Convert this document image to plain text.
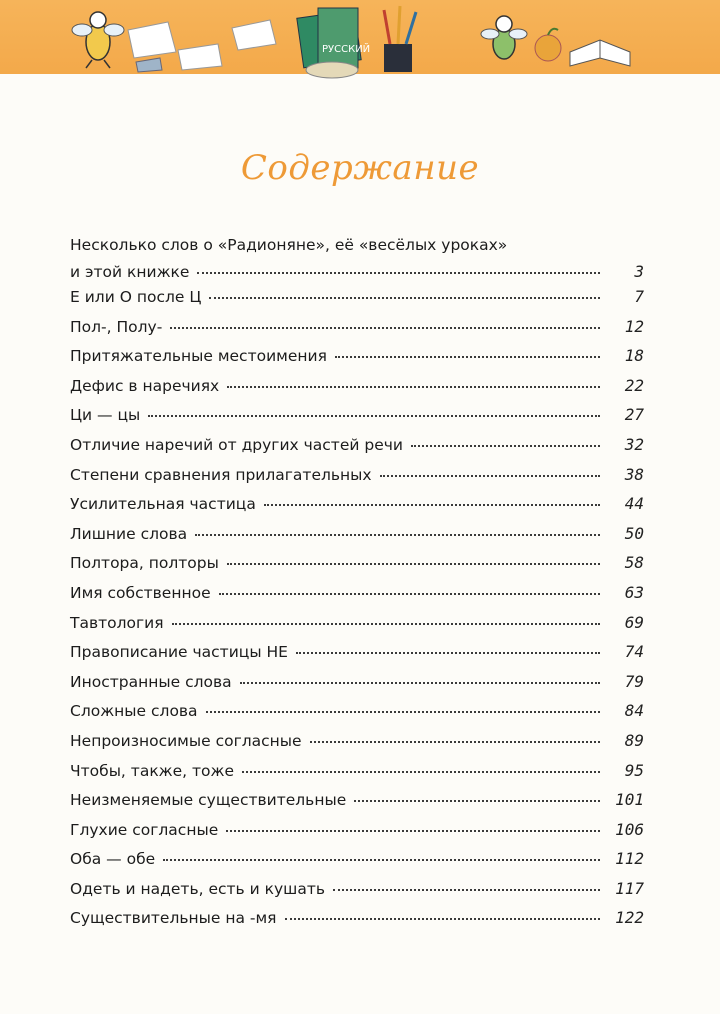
РУССКИЙ
Содержание
Несколько слов о «Радионяне», её «весёлых уроках»
и этой книжке	3
Е или О после Ц	7
Пол-, Полу-	12
Притяжательные местоимения	18
Дефис в наречиях	22
Ци — цы	27
Отличие наречий от других частей речи	32
Степени сравнения прилагательных	38
Усилительная частица	44
Лишние слова	50
Полтора, полторы	58
Имя собственное	63
Тавтология	69
Правописание частицы НЕ	74
Иностранные слова	79
Сложные слова	84
Непроизносимые согласные	89
Чтобы, также, тоже	95
Неизменяемые существительные	101
Глухие согласные	106
Оба — обе	112
Одеть и надеть, есть и кушать	117
Существительные на -мя	122
